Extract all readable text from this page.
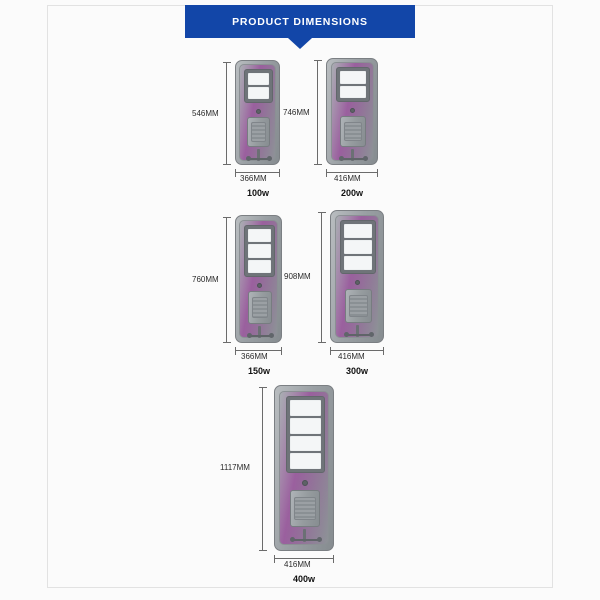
PRODUCT DIMENSIONS
546MM
366MM
100w
746MM
416MM
200w
760MM
366MM
150w
908MM
416MM
300w
1117MM
416MM
400w
